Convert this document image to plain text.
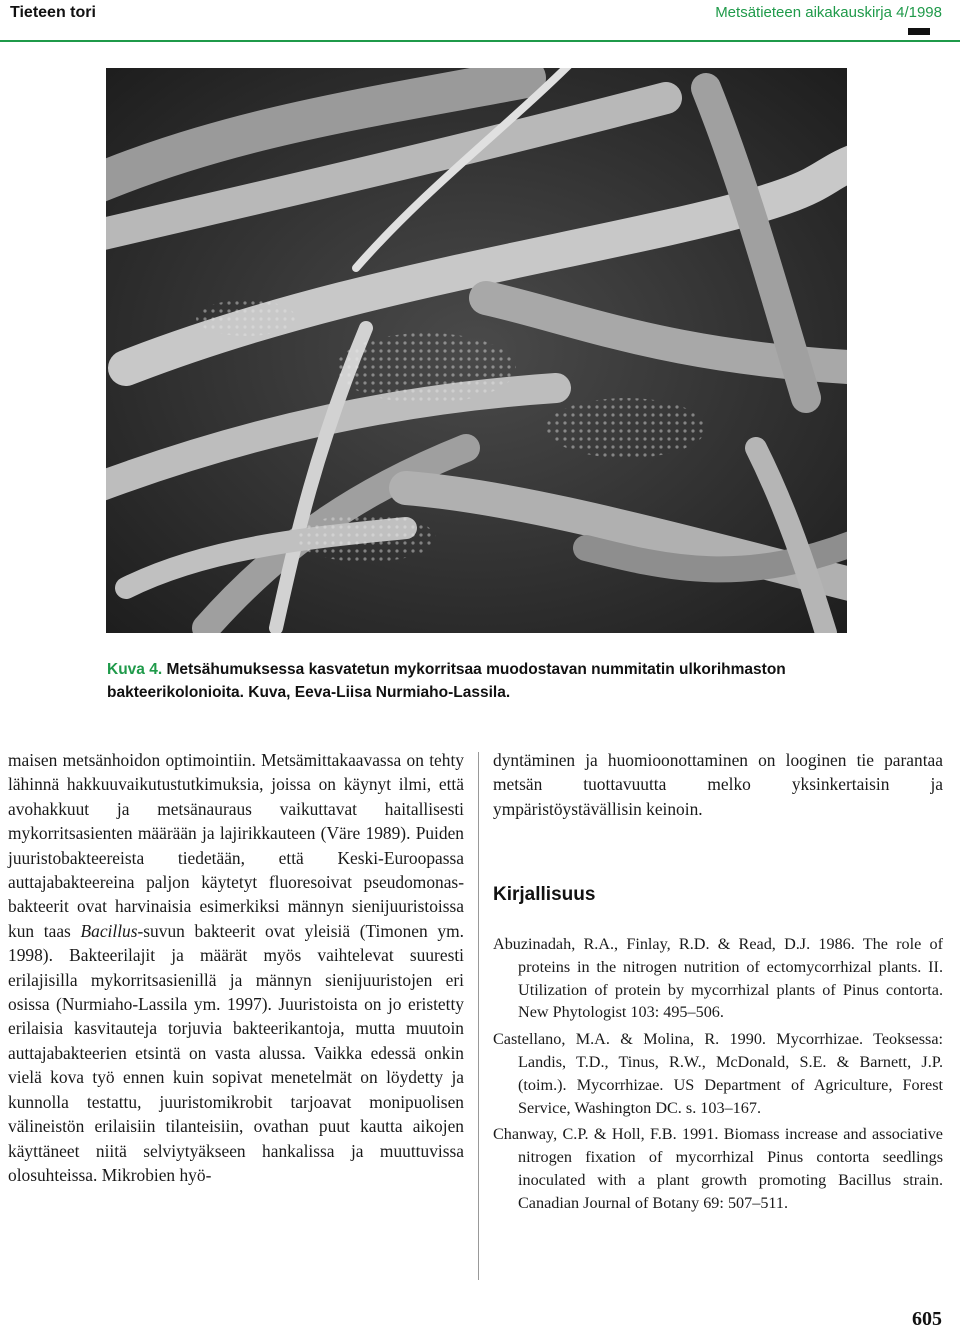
Tieteen tori	Metsätieteen aikakauskirja 4/1998
Kuva 4. Metsähumuksessa kasvatetun mykorritsaa muodostavan nummitatin ulkorihmaston bakteerikolonioita. Kuva, Eeva-Liisa Nurmiaho-Lassila.

maisen metsänhoidon optimointiin. Metsämittakaavassa on tehty lähinnä hakkuuvaikutustutkimuksia, joissa on käynyt ilmi, että avohakkuut ja metsänauraus vaikuttavat haitallisesti mykorritsasienten määrään ja lajirikkauteen (Väre 1989). Puiden juuristobakteereista tiedetään, että Keski-Euroopassa auttajabakteereina paljon käytetyt fluoresoivat pseudomonas-bakteerit ovat harvinaisia esimerkiksi männyn sienijuuristoissa kun taas Bacillus-suvun bakteerit ovat yleisiä (Timonen ym. 1998). Bakteerilajit ja määrät myös vaihtelevat suuresti erilajisilla mykorritsasienillä ja männyn sienijuuristojen eri osissa (Nurmiaho-Lassila ym. 1997). Juuristoista on jo eristetty erilaisia kasvitauteja torjuvia bakteerikantoja, mutta muutoin auttajabakteerien etsintä on vasta alussa. Vaikka edessä onkin vielä kova työ ennen kuin sopivat menetelmät on löydetty ja kunnolla testattu, juuristomikrobit tarjoavat monipuolisen välineistön erilaisiin tilanteisiin, ovathan puut kautta aikojen käyttäneet niitä selviytyäkseen hankalissa ja muuttuvissa olosuhteissa. Mikrobien hyö-

dyntäminen ja huomioonottaminen on looginen tie parantaa metsän tuottavuutta melko yksinkertaisin ja ympäristöystävällisin keinoin.

Kirjallisuus

Abuzinadah, R.A., Finlay, R.D. & Read, D.J. 1986. The role of proteins in the nitrogen nutrition of ectomycorrhizal plants. II. Utilization of protein by mycorrhizal plants of Pinus contorta. New Phytologist 103: 495–506.

Castellano, M.A. & Molina, R. 1990. Mycorrhizae. Teoksessa: Landis, T.D., Tinus, R.W., McDonald, S.E. & Barnett, J.P. (toim.). Mycorrhizae. US Department of Agriculture, Forest Service, Washington DC. s. 103–167.

Chanway, C.P. & Holl, F.B. 1991. Biomass increase and associative nitrogen fixation of mycorrhizal Pinus contorta seedlings inoculated with a plant growth promoting Bacillus strain. Canadian Journal of Botany 69: 507–511.

605
